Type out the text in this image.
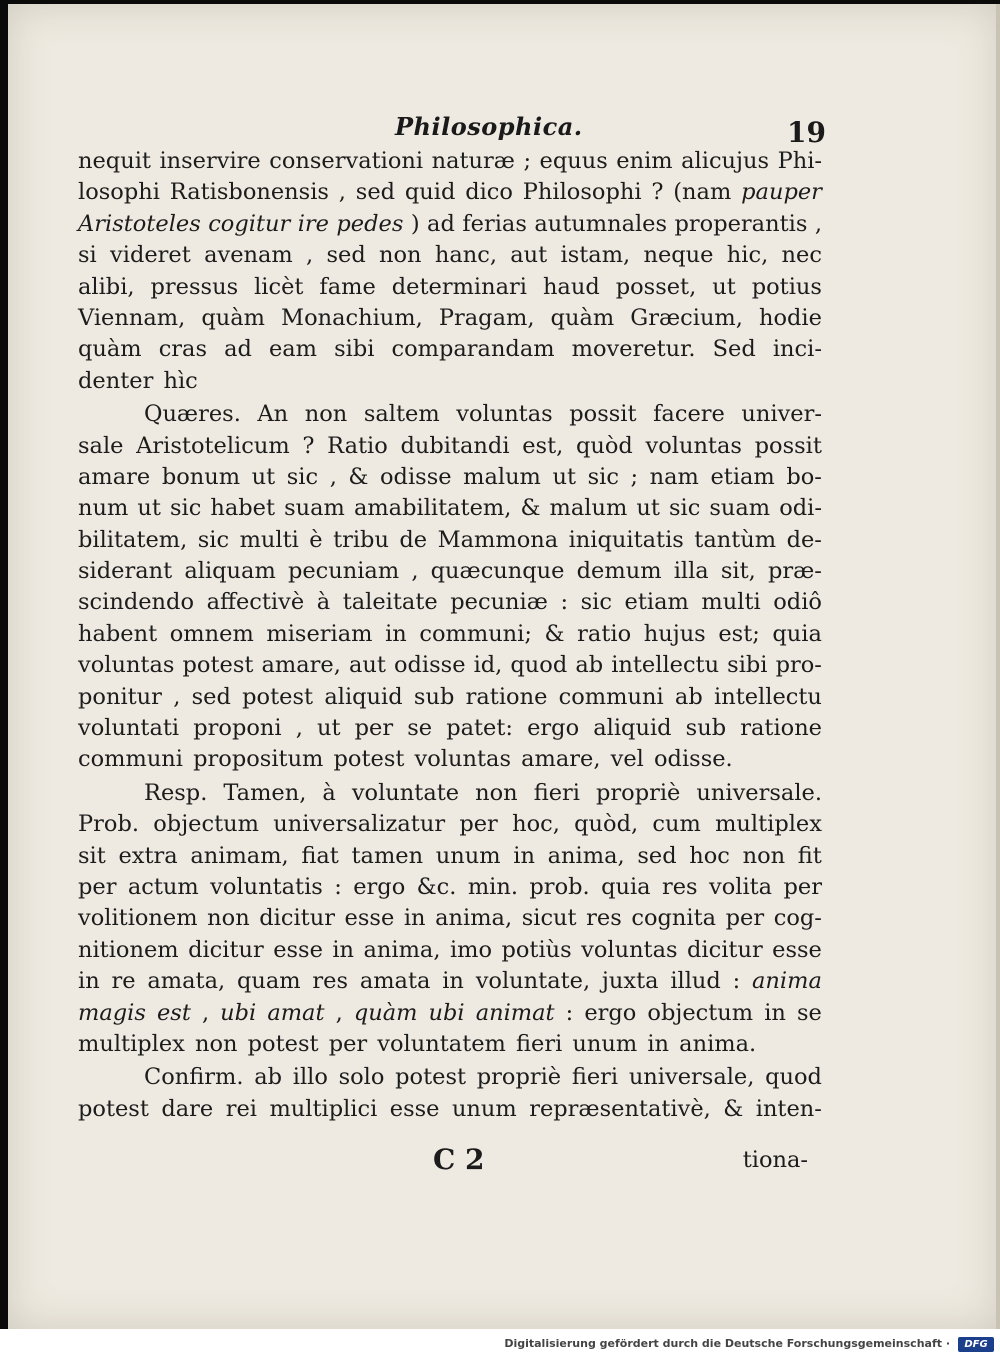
Philosophica.	19
nequit inservire conservationi naturæ ; equus enim alicujus Phi-
losophi Ratisbonensis , sed quid dico Philosophi ? (nam pauper
Aristoteles cogitur ire pedes ) ad ferias autumnales properantis ,
si videret avenam , sed non hanc, aut istam, neque hic, nec
alibi, pressus licèt fame determinari haud posset, ut potius
Viennam, quàm Monachium, Pragam, quàm Græcium, hodie
quàm cras ad eam sibi comparandam moveretur. Sed inci-
denter hìc
Quæres. An non saltem voluntas possit facere univer-
sale Aristotelicum ? Ratio dubitandi est, quòd voluntas possit
amare bonum ut sic , & odisse malum ut sic ; nam etiam bo-
num ut sic habet suam amabilitatem, & malum ut sic suam odi-
bilitatem, sic multi è tribu de Mammona iniquitatis tantùm de-
siderant aliquam pecuniam , quæcunque demum illa sit, præ-
scindendo affectivè à taleitate pecuniæ : sic etiam multi odiô
habent omnem miseriam in communi; & ratio hujus est; quia
voluntas potest amare, aut odisse id, quod ab intellectu sibi pro-
ponitur , sed potest aliquid sub ratione communi ab intellectu
voluntati proponi , ut per se patet: ergo aliquid sub ratione
communi propositum potest voluntas amare, vel odisse.
Resp. Tamen, à voluntate non fieri propriè universale.
Prob. objectum universalizatur per hoc, quòd, cum multiplex
sit extra animam, fiat tamen unum in anima, sed hoc non fit
per actum voluntatis : ergo &c. min. prob. quia res volita per
volitionem non dicitur esse in anima, sicut res cognita per cog-
nitionem dicitur esse in anima, imo potiùs voluntas dicitur esse
in re amata, quam res amata in voluntate, juxta illud : anima
magis est , ubi amat , quàm ubi animat : ergo objectum in se
multiplex non potest per voluntatem fieri unum in anima.
Confirm. ab illo solo potest propriè fieri universale, quod
potest dare rei multiplici esse unum repræsentativè, & inten-
C 2	tiona-
Digitalisierung gefördert durch die Deutsche Forschungsgemeinschaft ·	DFG
